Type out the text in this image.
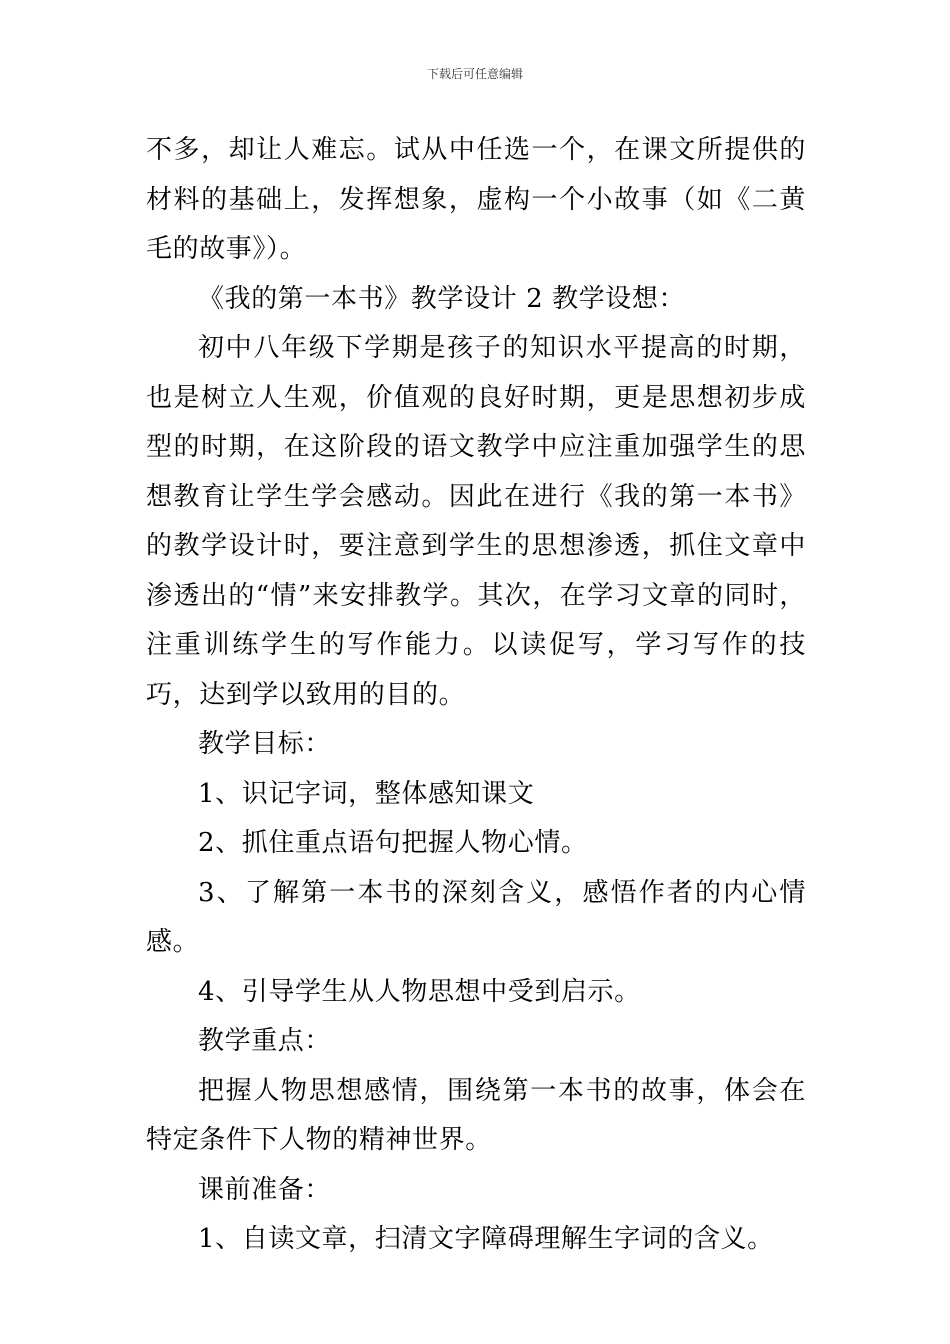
下载后可任意编辑

不多，却让人难忘。试从中任选一个，在课文所提供的材料的基础上，发挥想象，虚构一个小故事（如《二黄毛的故事》）。

《我的第一本书》教学设计 2 教学设想：

初中八年级下学期是孩子的知识水平提高的时期，也是树立人生观，价值观的良好时期，更是思想初步成型的时期，在这阶段的语文教学中应注重加强学生的思想教育让学生学会感动。因此在进行《我的第一本书》的教学设计时，要注意到学生的思想渗透，抓住文章中渗透出的“情”来安排教学。其次，在学习文章的同时，注重训练学生的写作能力。以读促写，学习写作的技巧，达到学以致用的目的。

教学目标：

1、识记字词，整体感知课文

2、抓住重点语句把握人物心情。

3、了解第一本书的深刻含义，感悟作者的内心情感。

4、引导学生从人物思想中受到启示。

教学重点：

把握人物思想感情，围绕第一本书的故事，体会在特定条件下人物的精神世界。

课前准备：

1、自读文章，扫清文字障碍理解生字词的含义。
